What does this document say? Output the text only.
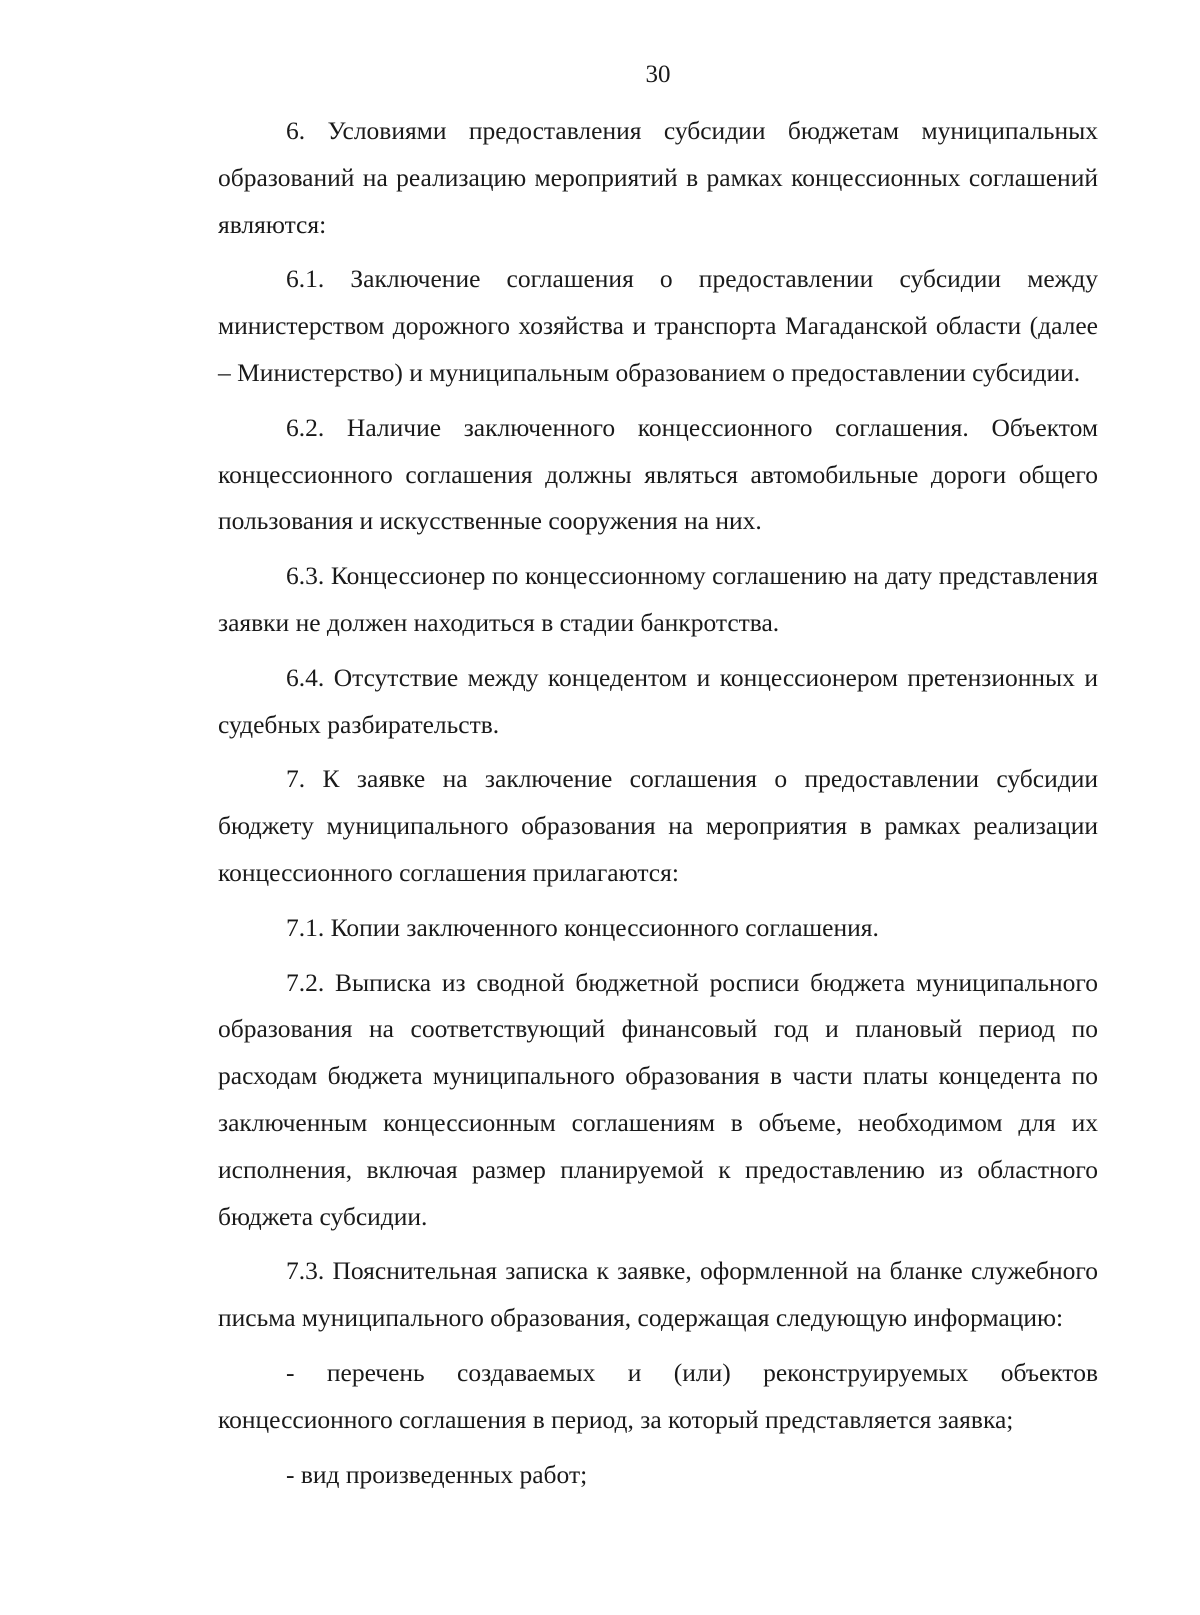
30

6. Условиями предоставления субсидии бюджетам муниципальных образований на реализацию мероприятий в рамках концессионных соглашений являются:

6.1. Заключение соглашения о предоставлении субсидии между министерством дорожного хозяйства и транспорта Магаданской области (далее – Министерство) и муниципальным образованием о предоставлении субсидии.

6.2. Наличие заключенного концессионного соглашения. Объектом концессионного соглашения должны являться автомобильные дороги общего пользования и искусственные сооружения на них.

6.3. Концессионер по концессионному соглашению на дату представления заявки не должен находиться в стадии банкротства.

6.4. Отсутствие между концедентом и концессионером претензионных и судебных разбирательств.

7. К заявке на заключение соглашения о предоставлении субсидии бюджету муниципального образования на мероприятия в рамках реализации концессионного соглашения прилагаются:

7.1. Копии заключенного концессионного соглашения.

7.2. Выписка из сводной бюджетной росписи бюджета муниципального образования на соответствующий финансовый год и плановый период по расходам бюджета муниципального образования в части платы концедента по заключенным концессионным соглашениям в объеме, необходимом для их исполнения, включая размер планируемой к предоставлению из областного бюджета субсидии.

7.3. Пояснительная записка к заявке, оформленной на бланке служебного письма муниципального образования, содержащая следующую информацию:

- перечень создаваемых и (или) реконструируемых объектов концессионного соглашения в период, за который представляется заявка;

- вид произведенных работ;
